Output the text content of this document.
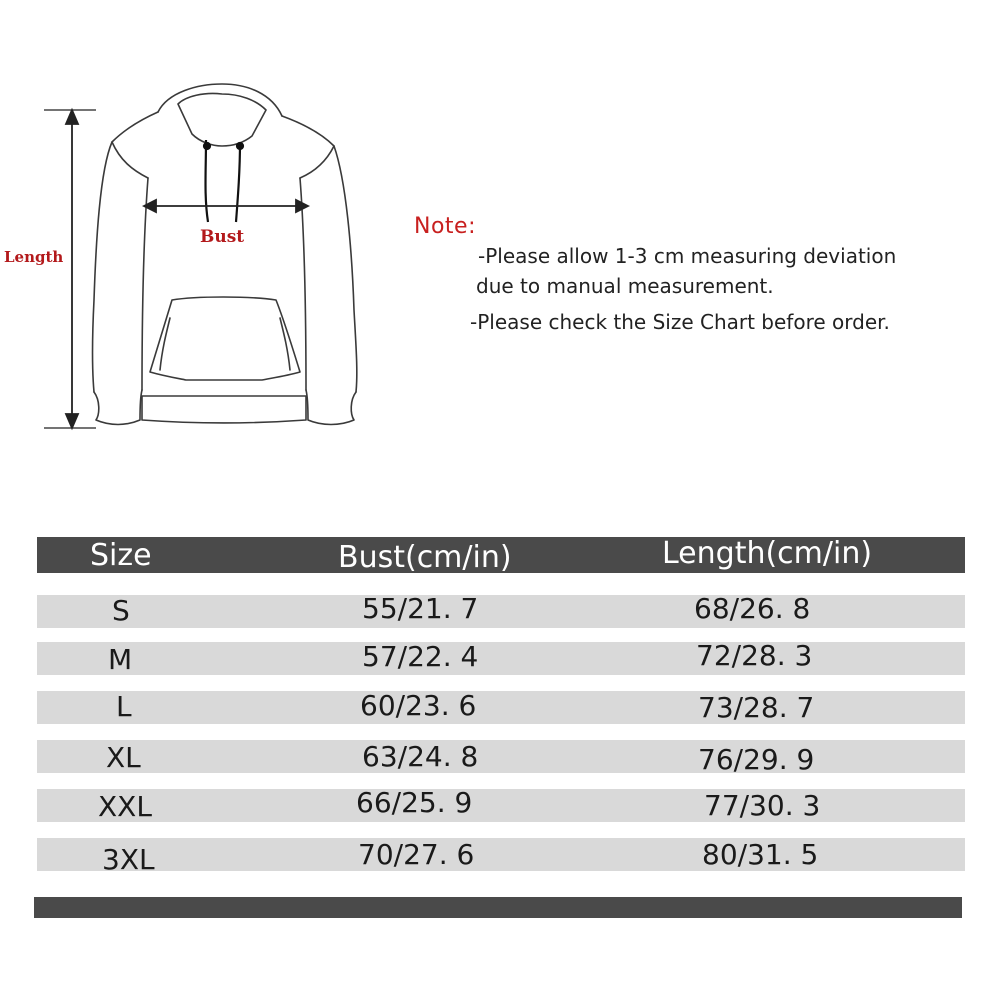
Length
Bust	Note:
-Please allow 1-3 cm measuring deviation
due to manual measurement.
-Please check the Size Chart before order.
Size	Bust(cm/in)	Length(cm/in)
S	55/21. 7	68/26. 8
M	57/22. 4	72/28. 3
L	60/23. 6	73/28. 7
XL	63/24. 8	76/29. 9
XXL	66/25. 9	77/30. 3
3XL	70/27. 6	80/31. 5
